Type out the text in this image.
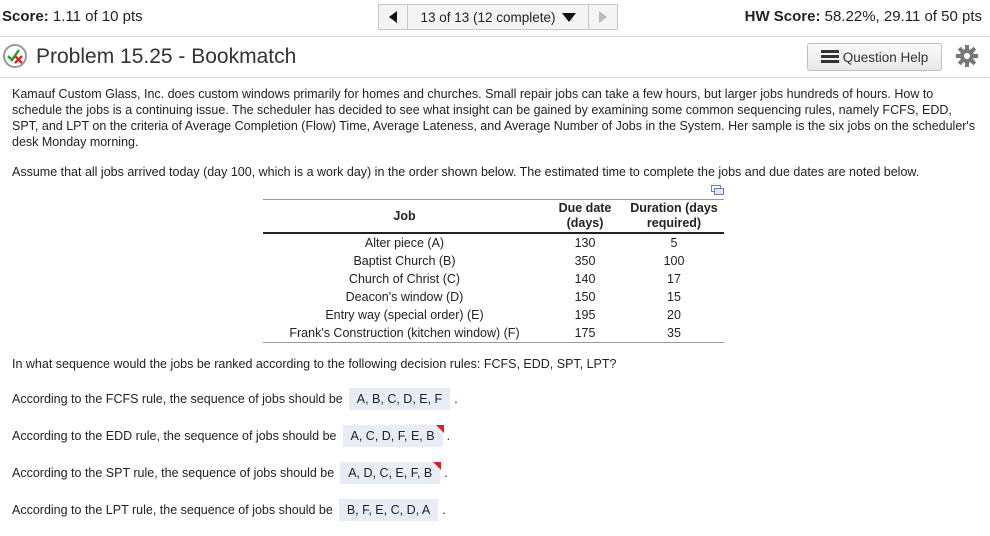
Score: 1.11 of 10 pts	13 of 13 (12 complete)	HW Score: 58.22%, 29.11 of 50 pts
Problem 15.25 - Bookmatch	Question Help

Kamauf Custom Glass, Inc. does custom windows primarily for homes and churches. Small repair jobs can take a few hours, but larger jobs hundreds of hours. How to schedule the jobs is a continuing issue. The scheduler has decided to see what insight can be gained by examining some common sequencing rules, namely FCFS, EDD, SPT, and LPT on the criteria of Average Completion (Flow) Time, Average Lateness, and Average Number of Jobs in the System. Her sample is the six jobs on the scheduler's desk Monday morning.

Assume that all jobs arrived today (day 100, which is a work day) in the order shown below. The estimated time to complete the jobs and due dates are noted below.
Job	Due date (days)	Duration (days required)
Alter piece (A)	130	5
Baptist Church (B)	350	100
Church of Christ (C)	140	17
Deacon's window (D)	150	15
Entry way (special order) (E)	195	20
Frank's Construction (kitchen window) (F)	175	35
In what sequence would the jobs be ranked according to the following decision rules: FCFS, EDD, SPT, LPT?
According to the FCFS rule, the sequence of jobs should be	A, B, C, D, E, F .
According to the EDD rule, the sequence of jobs should be	A, C, D, F, E, B .
According to the SPT rule, the sequence of jobs should be	A, D, C, E, F, B .
According to the LPT rule, the sequence of jobs should be	B, F, E, C, D, A .
